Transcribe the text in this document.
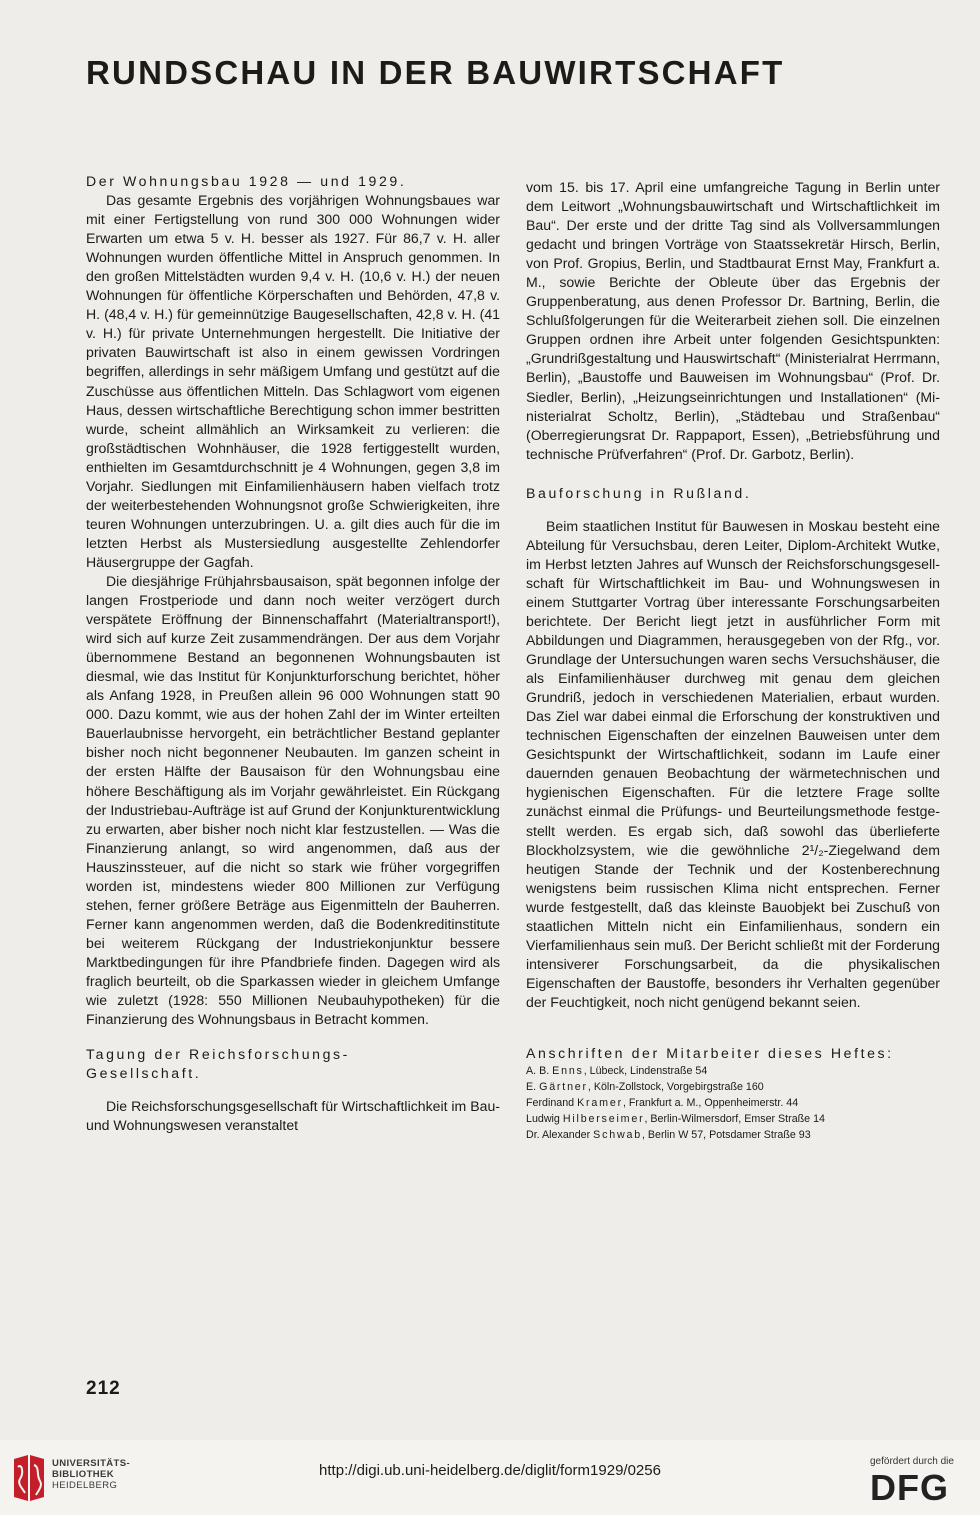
RUNDSCHAU IN DER BAUWIRTSCHAFT

Der Wohnungsbau 1928 — und 1929.

Das gesamte Ergebnis des vorjährigen Wohnungsbaues war mit einer Fertigstellung von rund 300 000 Wohnungen wider Erwarten um etwa 5 v. H. besser als 1927. Für 86,7 v. H. aller Wohnungen wurden öffentliche Mittel in Anspruch genommen. In den großen Mittelstädten wurden 9,4 v. H. (10,6 v. H.) der neuen Wohnungen für öffentliche Körperschaften und Behörden, 47,8 v. H. (48,4 v. H.) für gemeinnützige Baugesellschaften, 42,8 v. H. (41 v. H.) für private Unternehmungen hergestellt. Die Initiative der privaten Bauwirtschaft ist also in einem gewissen Vordringen begriffen, allerdings in sehr mäßigem Umfang und gestützt auf die Zuschüsse aus öffentlichen Mitteln. Das Schlagwort vom eigenen Haus, dessen wirtschaftliche Berechtigung schon immer bestritten wurde, scheint allmählich an Wirksamkeit zu verlieren: die großstädtischen Wohnhäuser, die 1928 fertiggestellt wurden, enthielten im Gesamtdurchschnitt je 4 Wohnungen, gegen 3,8 im Vorjahr. Siedlungen mit Einfamilienhäusern haben vielfach trotz der weiterbestehenden Wohnungsnot große Schwierigkeiten, ihre teuren Wohnungen unterzubringen. U. a. gilt dies auch für die im letzten Herbst als Mustersiedlung ausgestellte Zehlendorfer Häusergruppe der Gagfah.

Die diesjährige Frühjahrsbausaison, spät begonnen infolge der langen Frostperiode und dann noch weiter verzögert durch verspätete Eröffnung der Binnenschaffahrt (Materialtransport!), wird sich auf kurze Zeit zusammendrängen. Der aus dem Vorjahr übernommene Bestand an begonnenen Wohnungsbauten ist diesmal, wie das Institut für Konjunkturforschung berichtet, höher als Anfang 1928, in Preußen allein 96 000 Wohnungen statt 90 000. Dazu kommt, wie aus der hohen Zahl der im Winter erteilten Bauerlaubnisse hervorgeht, ein beträchtlicher Bestand geplanter bisher noch nicht begonnener Neubauten. Im ganzen scheint in der ersten Hälfte der Bausaison für den Wohnungsbau eine höhere Beschäftigung als im Vorjahr gewährleistet. Ein Rückgang der Industriebau-Aufträge ist auf Grund der Konjunkturentwicklung zu erwarten, aber bisher noch nicht klar festzustellen. — Was die Finanzierung anlangt, so wird angenommen, daß aus der Hauszinssteuer, auf die nicht so stark wie früher vorgegriffen worden ist, mindestens wieder 800 Millionen zur Verfügung stehen, ferner größere Beträge aus Eigenmitteln der Bauherren. Ferner kann angenommen werden, daß die Bodenkreditinstitute bei weiterem Rückgang der Industriekonjunktur bessere Marktbedingungen für ihre Pfandbriefe finden. Dagegen wird als fraglich beurteilt, ob die Sparkassen wieder in gleichem Umfange wie zuletzt (1928: 550 Millionen Neubauhypotheken) für die Finanzierung des Wohnungsbaus in Betracht kommen.

Tagung der Reichsforschungs-

Gesellschaft.

Die Reichsforschungsgesellschaft für Wirtschaftlichkeit im Bau- und Wohnungswesen veranstaltet

vom 15. bis 17. April eine umfangreiche Tagung in Berlin unter dem Leitwort „Wohnungsbauwirtschaft und Wirtschaftlichkeit im Bau“. Der erste und der dritte Tag sind als Vollversammlungen gedacht und bringen Vorträge von Staatssekretär Hirsch, Berlin, von Prof. Gropius, Berlin, und Stadtbaurat Ernst May, Frankfurt a. M., sowie Berichte der Obleute über das Ergebnis der Gruppenberatung, aus denen Professor Dr. Bartning, Berlin, die Schlußfolgerungen für die Weiterarbeit ziehen soll. Die einzelnen Gruppen ordnen ihre Arbeit unter folgenden Gesichtspunkten: „Grundrißgestaltung und Hauswirtschaft“ (Ministerialrat Herrmann, Berlin), „Baustoffe und Bauweisen im Wohnungsbau“ (Prof. Dr. Siedler, Berlin), „Heizungseinrichtungen und Installationen“ (Ministerialrat Scholtz, Berlin), „Städtebau und Straßenbau“ (Oberregierungsrat Dr. Rappaport, Essen), „Betriebsführung und technische Prüfverfahren“ (Prof. Dr. Garbotz, Berlin).

Bauforschung in Rußland.

Beim staatlichen Institut für Bauwesen in Moskau besteht eine Abteilung für Versuchsbau, deren Leiter, Diplom-Architekt Wutke, im Herbst letzten Jahres auf Wunsch der Reichsforschungsgesellschaft für Wirtschaftlichkeit im Bau- und Wohnungswesen in einem Stuttgarter Vortrag über interessante Forschungsarbeiten berichtete. Der Bericht liegt jetzt in ausführlicher Form mit Abbildungen und Diagrammen, herausgegeben von der Rfg., vor. Grundlage der Untersuchungen waren sechs Versuchshäuser, die als Einfamilienhäuser durchweg mit genau dem gleichen Grundriß, jedoch in verschiedenen Materialien, erbaut wurden. Das Ziel war dabei einmal die Erforschung der konstruktiven und technischen Eigenschaften der einzelnen Bauweisen unter dem Gesichtspunkt der Wirtschaftlichkeit, sodann im Laufe einer dauernden genauen Beobachtung der wärmetechnischen und hygienischen Eigenschaften. Für die letztere Frage sollte zunächst einmal die Prüfungs- und Beurteilungsmethode festgestellt werden. Es ergab sich, daß sowohl das überlieferte Blockholzsystem, wie die gewöhnliche 2¹/₂-Ziegelwand dem heutigen Stande der Technik und der Kostenberechnung wenigstens beim russischen Klima nicht entsprechen. Ferner wurde festgestellt, daß das kleinste Bauobjekt bei Zuschuß von staatlichen Mitteln nicht ein Einfamilienhaus, sondern ein Vierfamilienhaus sein muß. Der Bericht schließt mit der Forderung intensiverer Forschungsarbeit, da die physikalischen Eigenschaften der Baustoffe, besonders ihr Verhalten gegenüber der Feuchtigkeit, noch nicht genügend bekannt seien.

Anschriften der Mitarbeiter dieses Heftes:

A. B. Enns, Lübeck, Lindenstraße 54
E. Gärtner, Köln-Zollstock, Vorgebirgstraße 160
Ferdinand Kramer, Frankfurt a. M., Oppenheimerstr. 44
Ludwig Hilberseimer, Berlin-Wilmersdorf, Emser Straße 14
Dr. Alexander Schwab, Berlin W 57, Potsdamer Straße 93
212
UNIVERSITÄTS-
BIBLIOTHEK
HEIDELBERG
http://digi.ub.uni-heidelberg.de/diglit/form1929/0256
gefördert durch die
DFG
